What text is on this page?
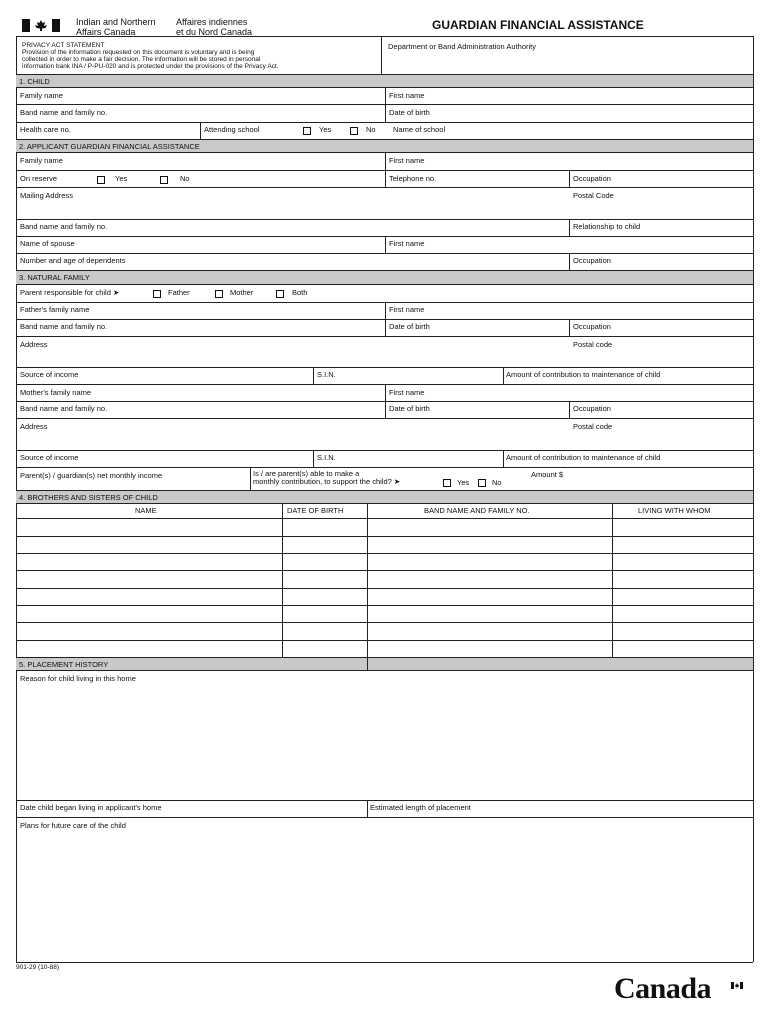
Indian and Northern
Affairs Canada
Affaires indiennes
et du Nord Canada	GUARDIAN FINANCIAL ASSISTANCE
PRIVACY ACT STATEMENT
Provision of the information requested on this document is voluntary and is being
collected in order to make a fair decision. The information will be stored in personal
information bank INA / P-PU-020 and is protected under the provisions of the Privacy Act.
Department or Band Administration Authority
1. CHILD
Family name	First name
Band name and family no.	Date of birth
Health care no.	Attending school	Yes	No Name of school
2. APPLICANT GUARDIAN FINANCIAL ASSISTANCE
Family name	First name
On reserve	Yes	No	Telephone no.	Occupation
Mailing Address	Postal Code
Band name and family no.	Relationship to child
Name of spouse	First name
Number and age of dependents	Occupation
3. NATURAL FAMILY
Parent responsible for child ➤	Father	Mother	Both
Father's family name	First name
Band name and family no.	Date of birth	Occupation
Address	Postal code
Source of income	S.I.N.	Amount of contribution to maintenance of child
Mother's family name	First name
Band name and family no.	Date of birth	Occupation
Address	Postal code
Source of income	S.I.N.	Amount of contribution to maintenance of child
Parent(s) / guardian(s) net monthly income	Is / are parent(s) able to make a
monthly contribution, to support the child? ➤	Yes	No
Amount $
4. BROTHERS AND SISTERS OF CHILD
NAME	DATE OF BIRTH	BAND NAME AND FAMILY NO.	LIVING WITH WHOM
5. PLACEMENT HISTORY
Reason for child living in this home
Date child began living in applicant's home	Estimated length of placement
Plans for future care of the child
901-29 (10-88)
Canada
